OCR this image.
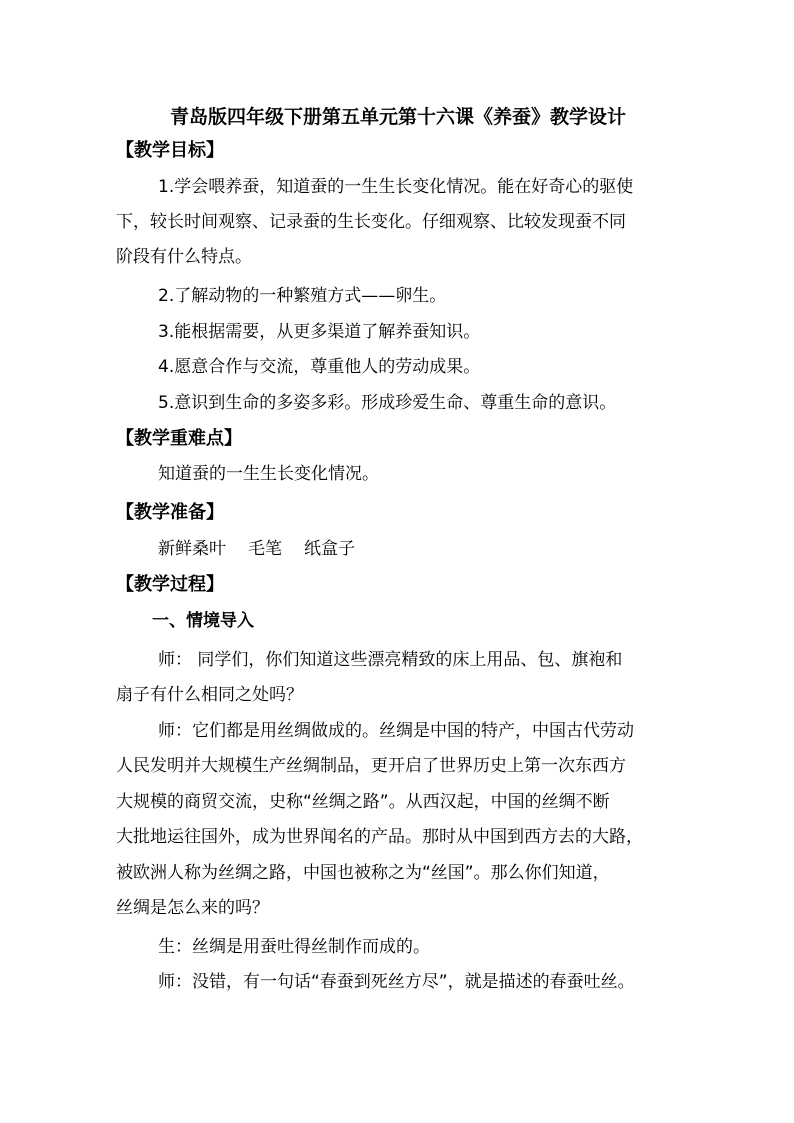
青岛版四年级下册第五单元第十六课《养蚕》教学设计
【教学目标】
1.学会喂养蚕，知道蚕的一生生长变化情况。能在好奇心的驱使
下，较长时间观察、记录蚕的生长变化。仔细观察、比较发现蚕不同
阶段有什么特点。
2.了解动物的一种繁殖方式——卵生。
3.能根据需要，从更多渠道了解养蚕知识。
4.愿意合作与交流，尊重他人的劳动成果。
5.意识到生命的多姿多彩。形成珍爱生命、尊重生命的意识。
【教学重难点】
知道蚕的一生生长变化情况。
【教学准备】
新鲜桑叶 毛笔 纸盒子
【教学过程】
一、情境导入
师： 同学们，你们知道这些漂亮精致的床上用品、包、旗袍和
扇子有什么相同之处吗？
师：它们都是用丝绸做成的。丝绸是中国的特产，中国古代劳动
人民发明并大规模生产丝绸制品，更开启了世界历史上第一次东西方
大规模的商贸交流，史称“丝绸之路”。从西汉起，中国的丝绸不断
大批地运往国外，成为世界闻名的产品。那时从中国到西方去的大路，
被欧洲人称为丝绸之路，中国也被称之为“丝国”。那么你们知道，
丝绸是怎么来的吗？
生：丝绸是用蚕吐得丝制作而成的。
师：没错，有一句话“春蚕到死丝方尽”，就是描述的春蚕吐丝。
